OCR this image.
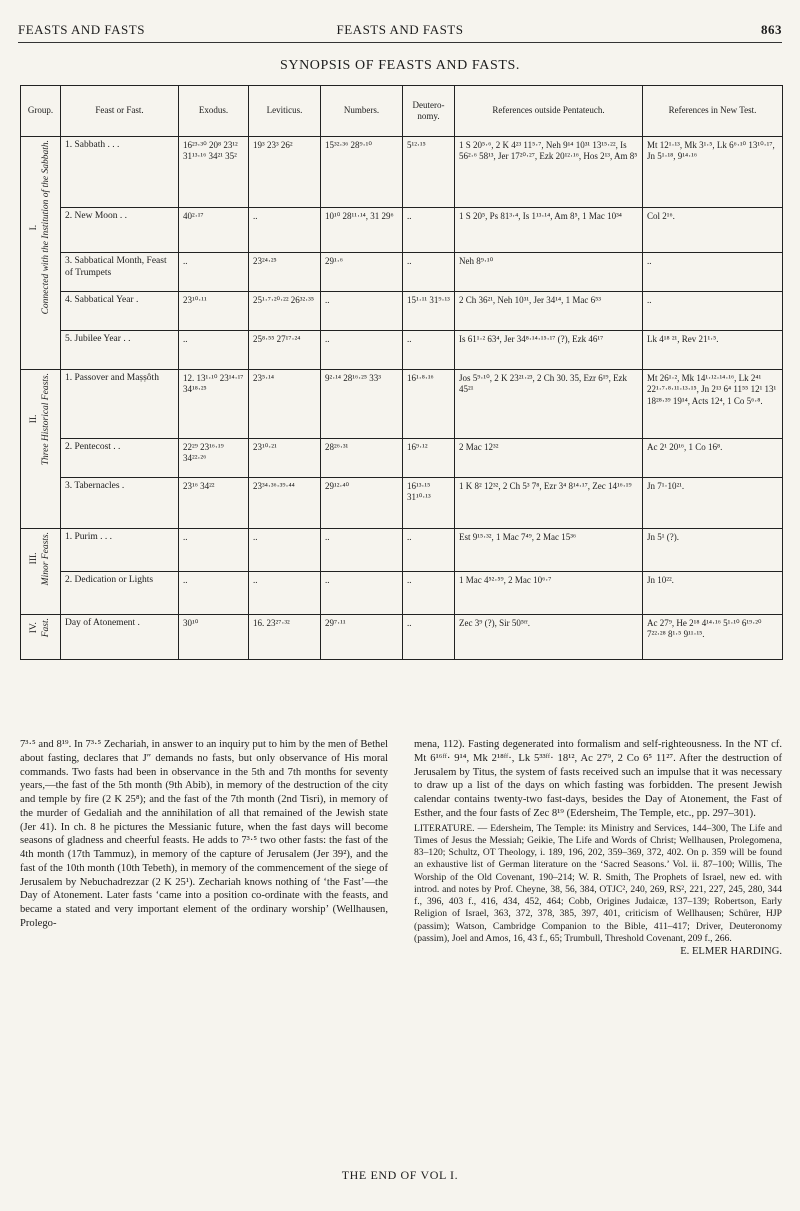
FEASTS AND FASTS	FEASTS AND FASTS	863
SYNOPSIS OF FEASTS AND FASTS.
Group.	Feast or Fast.	Exodus.	Leviticus.	Numbers.	Deutero-nomy.	References outside Pentateuch.	References in New Test.

I. Connected with the Institution of the Sabbath.	1. Sabbath . . .	16²³·³⁰ 20⁸ 23¹² 31¹³·¹⁶ 34²¹ 35²	19³ 23³ 26²	15³²·³⁶ 28⁹·¹⁰	5¹²·¹⁵	1 S 20⁵·⁶, 2 K 4²³ 11⁵·⁷, Neh 9¹⁴ 10³¹ 13¹⁵·²², Is 56²·⁶ 58¹³, Jer 17²⁰·²⁷, Ezk 20¹²·¹⁶, Hos 2¹³, Am 8⁵	Mt 12¹·¹³, Mk 3¹·⁵, Lk 6⁶·¹⁰ 13¹⁰·¹⁷, Jn 5¹·¹⁸, 9¹⁴·¹⁶
	2. New Moon . .	40²·¹⁷	..	10¹⁰ 28¹¹·¹⁴, 31 29⁶	..	1 S 20⁵, Ps 81³·⁴, Is 1¹³·¹⁴, Am 8⁵, 1 Mac 10³⁴	Col 2¹⁶.
	3. Sabbatical Month, Feast of Trumpets	..	23²⁴·²⁵	29¹·⁶	..	Neh 8⁹·¹⁰	..
	4. Sabbatical Year .	23¹⁰·¹¹	25¹·⁷·²⁰·²² 26³²·³⁵	..	15¹·¹¹ 31⁹·¹³	2 Ch 36²¹, Neh 10³¹, Jer 34¹⁴, 1 Mac 6⁵³	..
	5. Jubilee Year . .	..	25⁸·⁵⁵ 27¹⁷·²⁴	..	..	Is 61¹·² 63⁴, Jer 34⁸·¹⁴·¹⁵·¹⁷ (?), Ezk 46¹⁷	Lk 4¹⁸ ²¹, Rev 21¹·⁵.

II. Three Historical Feasts.	1. Passover and Maṣṣôth	12. 13¹·¹⁰ 23¹⁴·¹⁷ 34¹⁸·²⁵	23⁵·¹⁴	9²·¹⁴ 28¹⁶·²⁵ 33³	16¹·⁸·¹⁶	Jos 5⁹·¹⁰, 2 K 23²¹·²³, 2 Ch 30. 35, Ezr 6¹⁹, Ezk 45²¹	Mt 26¹·², Mk 14¹·¹²·¹⁴·¹⁶, Lk 2⁴¹ 22¹·⁷·⁸·¹¹·¹³·¹⁵, Jn 2¹³ 6⁴ 11⁵⁵ 12¹ 13¹ 18²⁸·³⁹ 19¹⁴, Acts 12⁴, 1 Co 5⁶·⁸.
	2. Pentecost . .	22²⁹ 23¹⁶·¹⁹ 34²²·²⁶	23¹⁰·²¹	28²⁶·³¹	16⁹·¹²	2 Mac 12³²	Ac 2¹ 20¹⁶, 1 Co 16⁸.
	3. Tabernacles .	23¹⁶ 34²²	23³⁴·³⁶·³⁹·⁴⁴	29¹²·⁴⁰	16¹³·¹⁵ 31¹⁰·¹³	1 K 8² 12³², 2 Ch 5³ 7⁸, Ezr 3⁴ 8¹⁴·¹⁷, Zec 14¹⁶·¹⁹	Jn 7¹·10²¹.

III. Minor Feasts.	1. Purim . . .	..	..	..	..	Est 9¹⁵·³², 1 Mac 7⁴⁹, 2 Mac 15³⁶	Jn 5¹ (?).
	2. Dedication or Lights	..	..	..	..	1 Mac 4⁵²·⁵⁹, 2 Mac 10⁶·⁷	Jn 10²².

IV. Fast.	Day of Atonement .	30¹⁰	16. 23²⁷·³²	29⁷·¹¹	..	Zec 3⁹ (?), Sir 50⁵ᶠᶠ.	Ac 27⁹, He 2¹⁸ 4¹⁴·¹⁶ 5¹·¹⁰ 6¹⁹·²⁰ 7²²·²⁸ 8¹·⁵ 9¹¹·¹⁵.

7³·⁵ and 8¹⁹. In 7³·⁵ Zechariah, in answer to an inquiry put to him by the men of Bethel about fasting, declares that J″ demands no fasts, but only observance of His moral commands. Two fasts had been in observance in the 5th and 7th months for seventy years,—the fast of the 5th month (9th Abib), in memory of the destruction of the city and temple by fire (2 K 25⁸); and the fast of the 7th month (2nd Tisri), in memory of the murder of Gedaliah and the annihilation of all that remained of the Jewish state (Jer 41). In ch. 8 he pictures the Messianic future, when the fast days will become seasons of gladness and cheerful feasts. He adds to 7³·⁵ two other fasts: the fast of the 4th month (17th Tammuz), in memory of the capture of Jerusalem (Jer 39²), and the fast of the 10th month (10th Tebeth), in memory of the commencement of the siege of Jerusalem by Nebuchadrezzar (2 K 25¹). Zechariah knows nothing of ‘the Fast’—the Day of Atonement. Later fasts ‘came into a position co-ordinate with the feasts, and became a stated and very important element of the ordinary worship’ (Wellhausen, Prolego-

mena, 112). Fasting degenerated into formalism and self-righteousness. In the NT cf. Mt 6¹⁶ᶠᶠ· 9¹⁴, Mk 2¹⁸ᶠᶠ·, Lk 5³³ᶠᶠ· 18¹², Ac 27⁹, 2 Co 6⁵ 11²⁷. After the destruction of Jerusalem by Titus, the system of fasts received such an impulse that it was necessary to draw up a list of the days on which fasting was forbidden. The present Jewish calendar contains twenty-two fast-days, besides the Day of Atonement, the Fast of Esther, and the four fasts of Zec 8¹⁹ (Edersheim, The Temple, etc., pp. 297–301).

LITERATURE. — Edersheim, The Temple: its Ministry and Services, 144–300, The Life and Times of Jesus the Messiah; Geikie, The Life and Words of Christ; Wellhausen, Prolegomena, 83–120; Schultz, OT Theology, i. 189, 196, 202, 359–369, 372, 402. On p. 359 will be found an exhaustive list of German literature on the ‘Sacred Seasons.’ Vol. ii. 87–100; Willis, The Worship of the Old Covenant, 190–214; W. R. Smith, The Prophets of Israel, new ed. with introd. and notes by Prof. Cheyne, 38, 56, 384, OTJC², 240, 269, RS², 221, 227, 245, 280, 344 f., 396, 403 f., 416, 434, 452, 464; Cobb, Origines Judaicæ, 137–139; Robertson, Early Religion of Israel, 363, 372, 378, 385, 397, 401, criticism of Wellhausen; Schürer, HJP (passim); Watson, Cambridge Companion to the Bible, 411–417; Driver, Deuteronomy (passim), Joel and Amos, 16, 43 f., 65; Trumbull, Threshold Covenant, 209 f., 266.

E. ELMER HARDING.

THE END OF VOL I.
